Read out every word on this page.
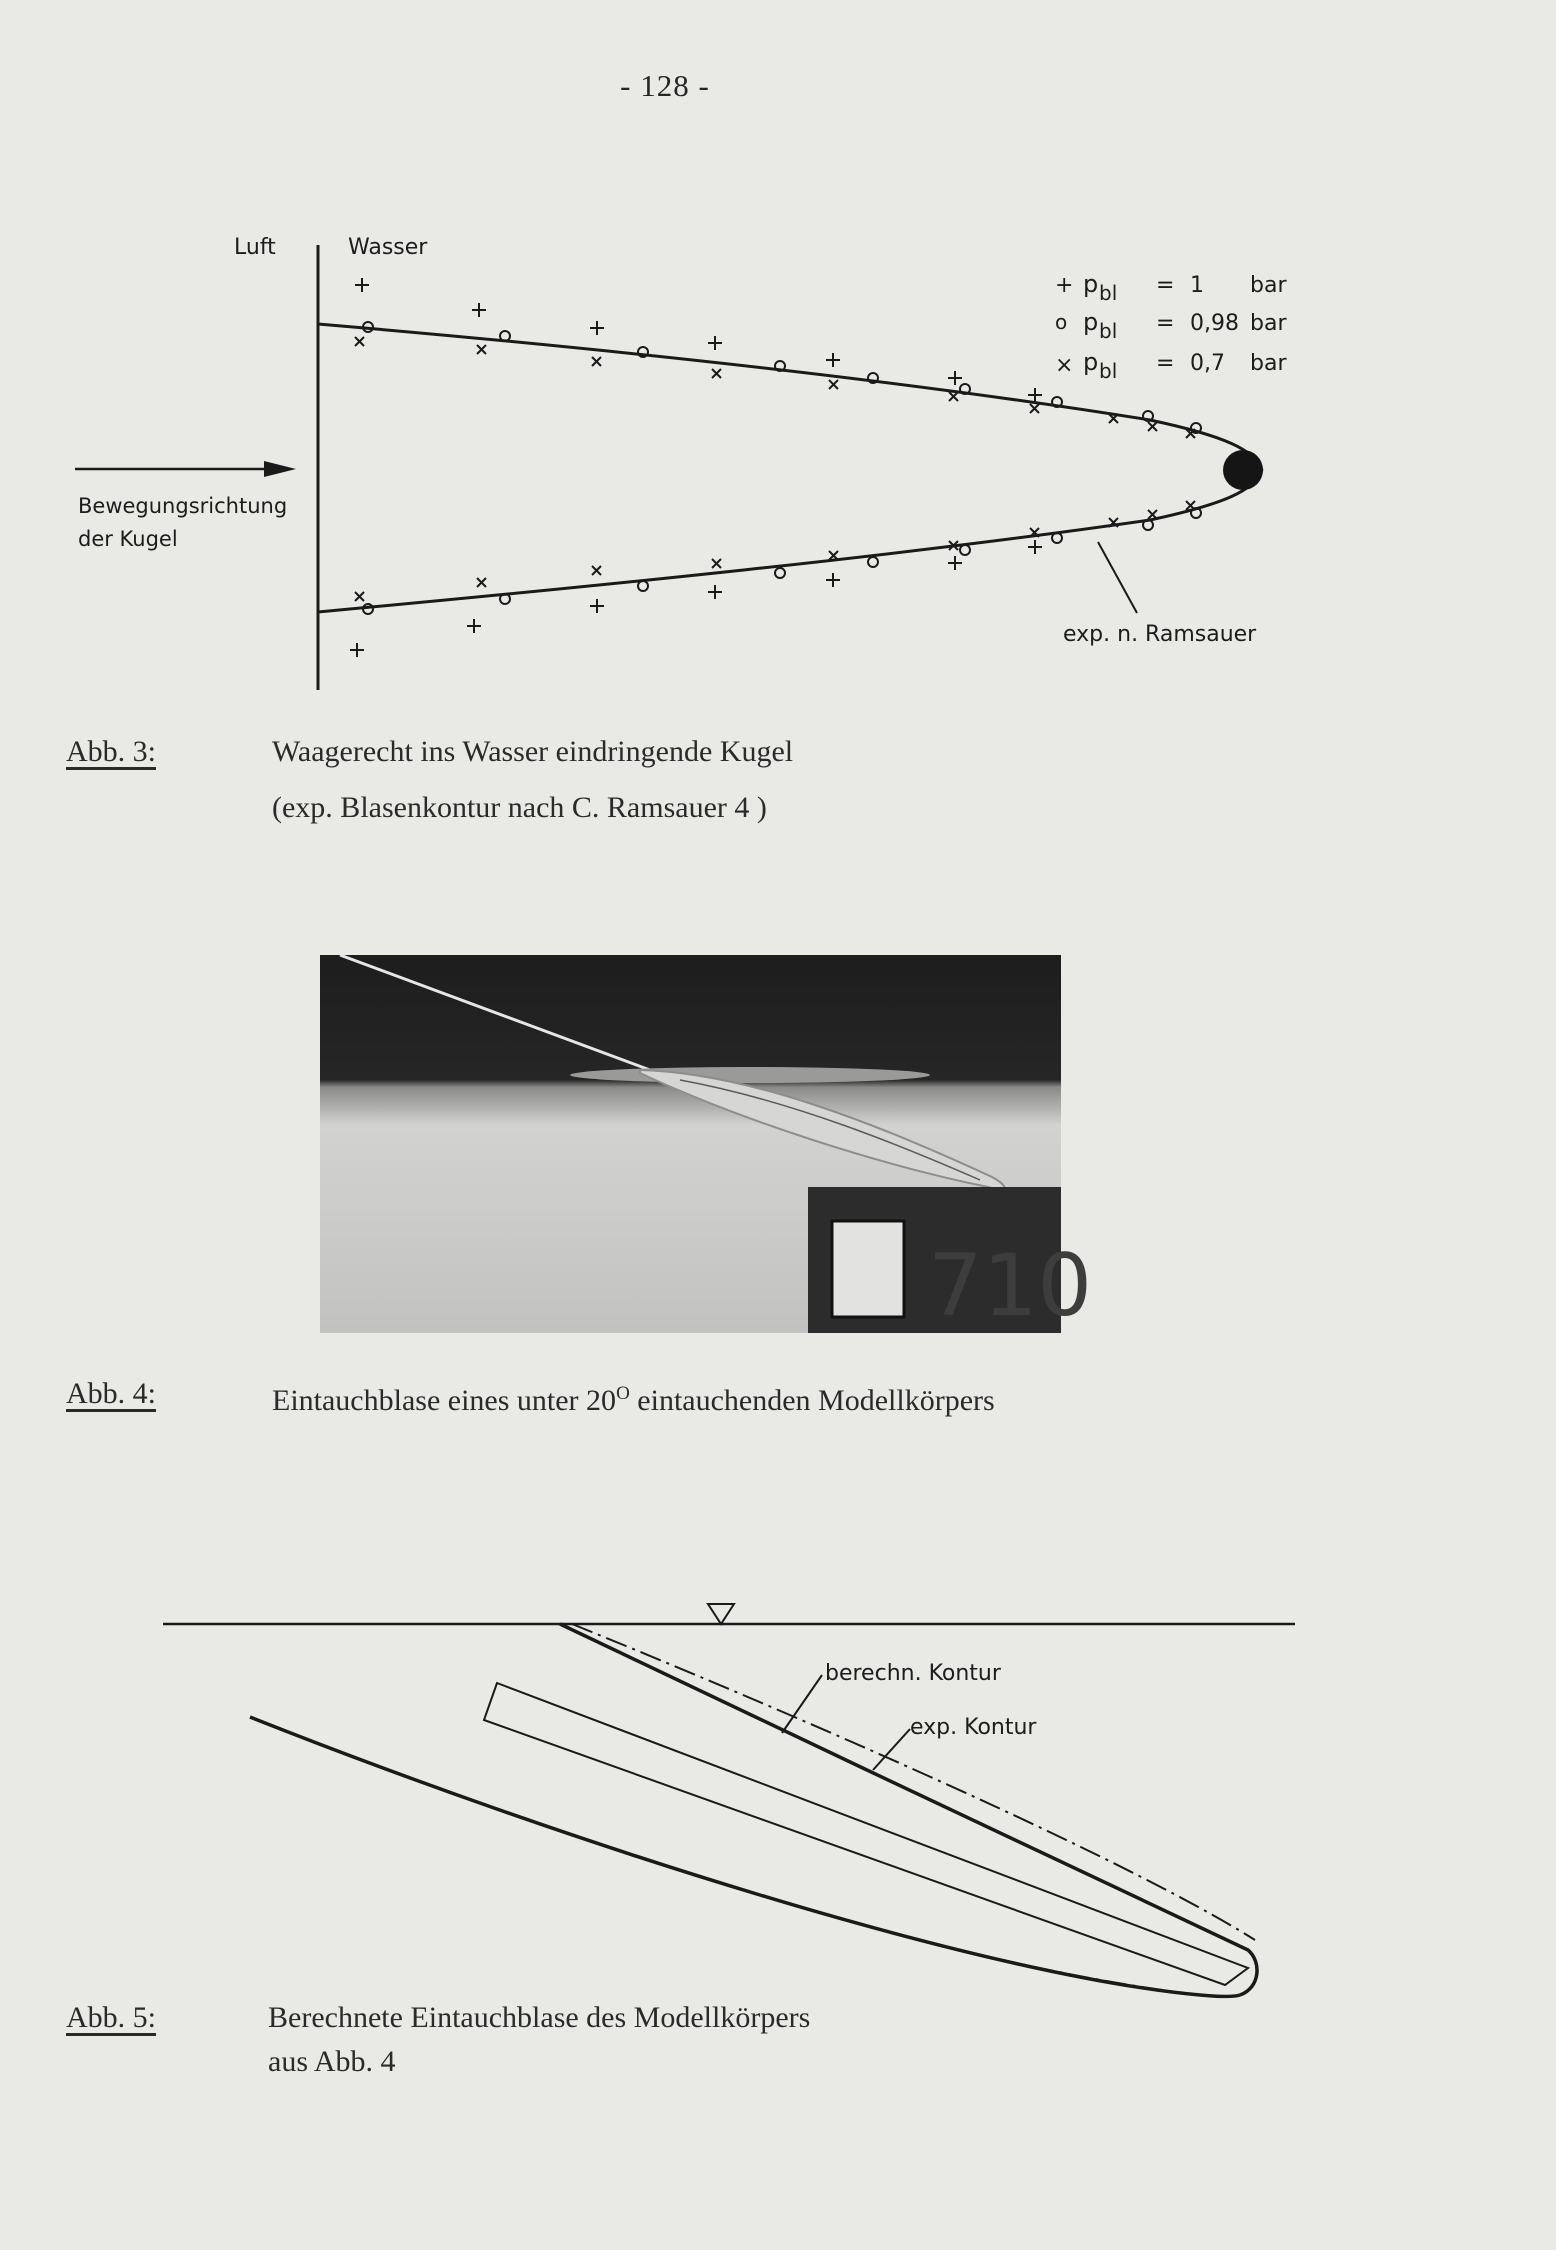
- 128 -
Luft	Wasser
+ p bl = 1 bar
o p bl = 0,98 bar
× p bl = 0,7 bar
Bewegungsrichtung
der Kugel
exp. n. Ramsauer
Abb. 3:	Waagerecht ins Wasser eindringende Kugel
(exp. Blasenkontur nach C. Ramsauer 4 )
710
Abb. 4:	Eintauchblase eines unter $20^O$ eintauchenden Modellkörpers
berechn. Kontur
exp. Kontur
Abb. 5:	Berechnete Eintauchblase des Modellkörpers
aus Abb. 4
